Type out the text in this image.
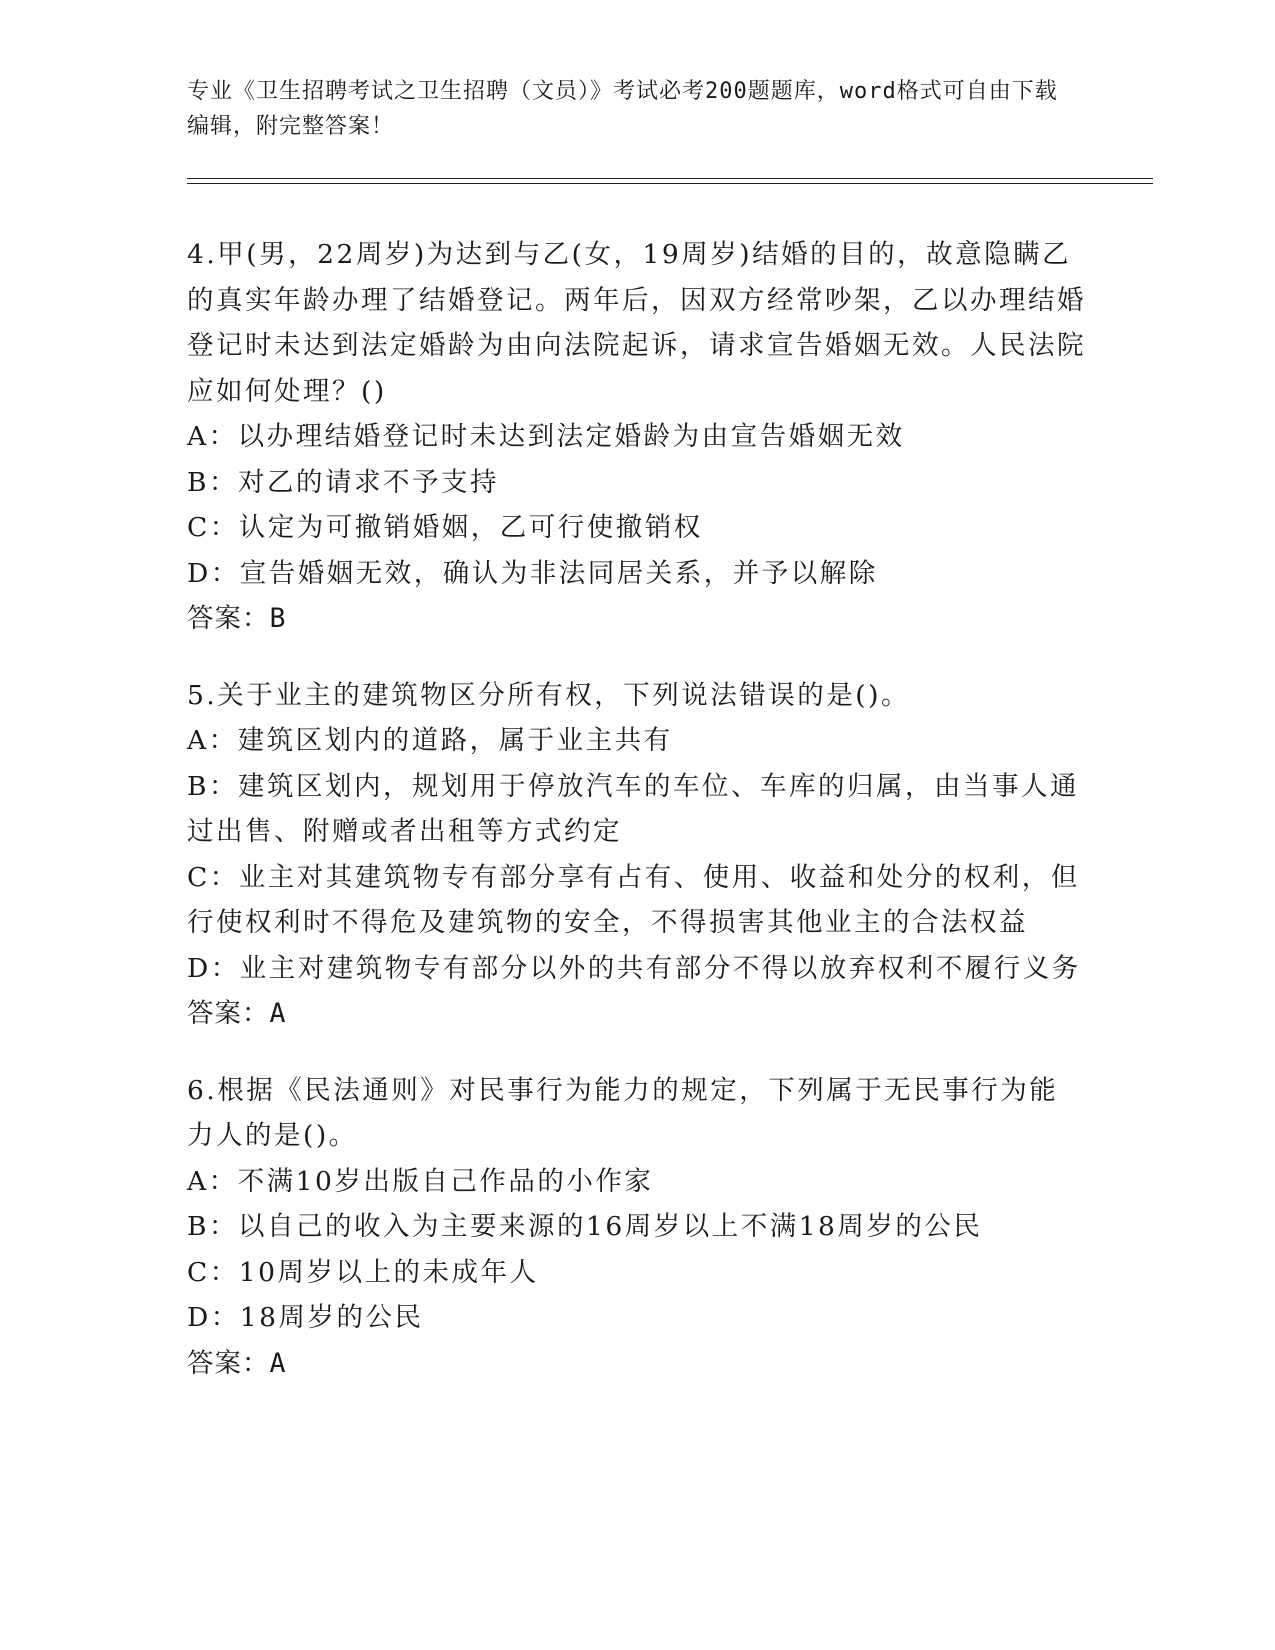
专业《卫生招聘考试之卫生招聘（文员）》考试必考200题题库，word格式可自由下载编辑，附完整答案！

4.甲(男，22周岁)为达到与乙(女，19周岁)结婚的目的，故意隐瞒乙的真实年龄办理了结婚登记。两年后，因双方经常吵架，乙以办理结婚登记时未达到法定婚龄为由向法院起诉，请求宣告婚姻无效。人民法院应如何处理？()

A：以办理结婚登记时未达到法定婚龄为由宣告婚姻无效

B：对乙的请求不予支持

C：认定为可撤销婚姻，乙可行使撤销权

D：宣告婚姻无效，确认为非法同居关系，并予以解除

答案：B

5.关于业主的建筑物区分所有权，下列说法错误的是()。

A：建筑区划内的道路，属于业主共有

B：建筑区划内，规划用于停放汽车的车位、车库的归属，由当事人通过出售、附赠或者出租等方式约定

C：业主对其建筑物专有部分享有占有、使用、收益和处分的权利，但行使权利时不得危及建筑物的安全，不得损害其他业主的合法权益

D：业主对建筑物专有部分以外的共有部分不得以放弃权利不履行义务

答案：A

6.根据《民法通则》对民事行为能力的规定，下列属于无民事行为能力人的是()。

A：不满10岁出版自己作品的小作家

B：以自己的收入为主要来源的16周岁以上不满18周岁的公民

C：10周岁以上的未成年人

D：18周岁的公民

答案：A
